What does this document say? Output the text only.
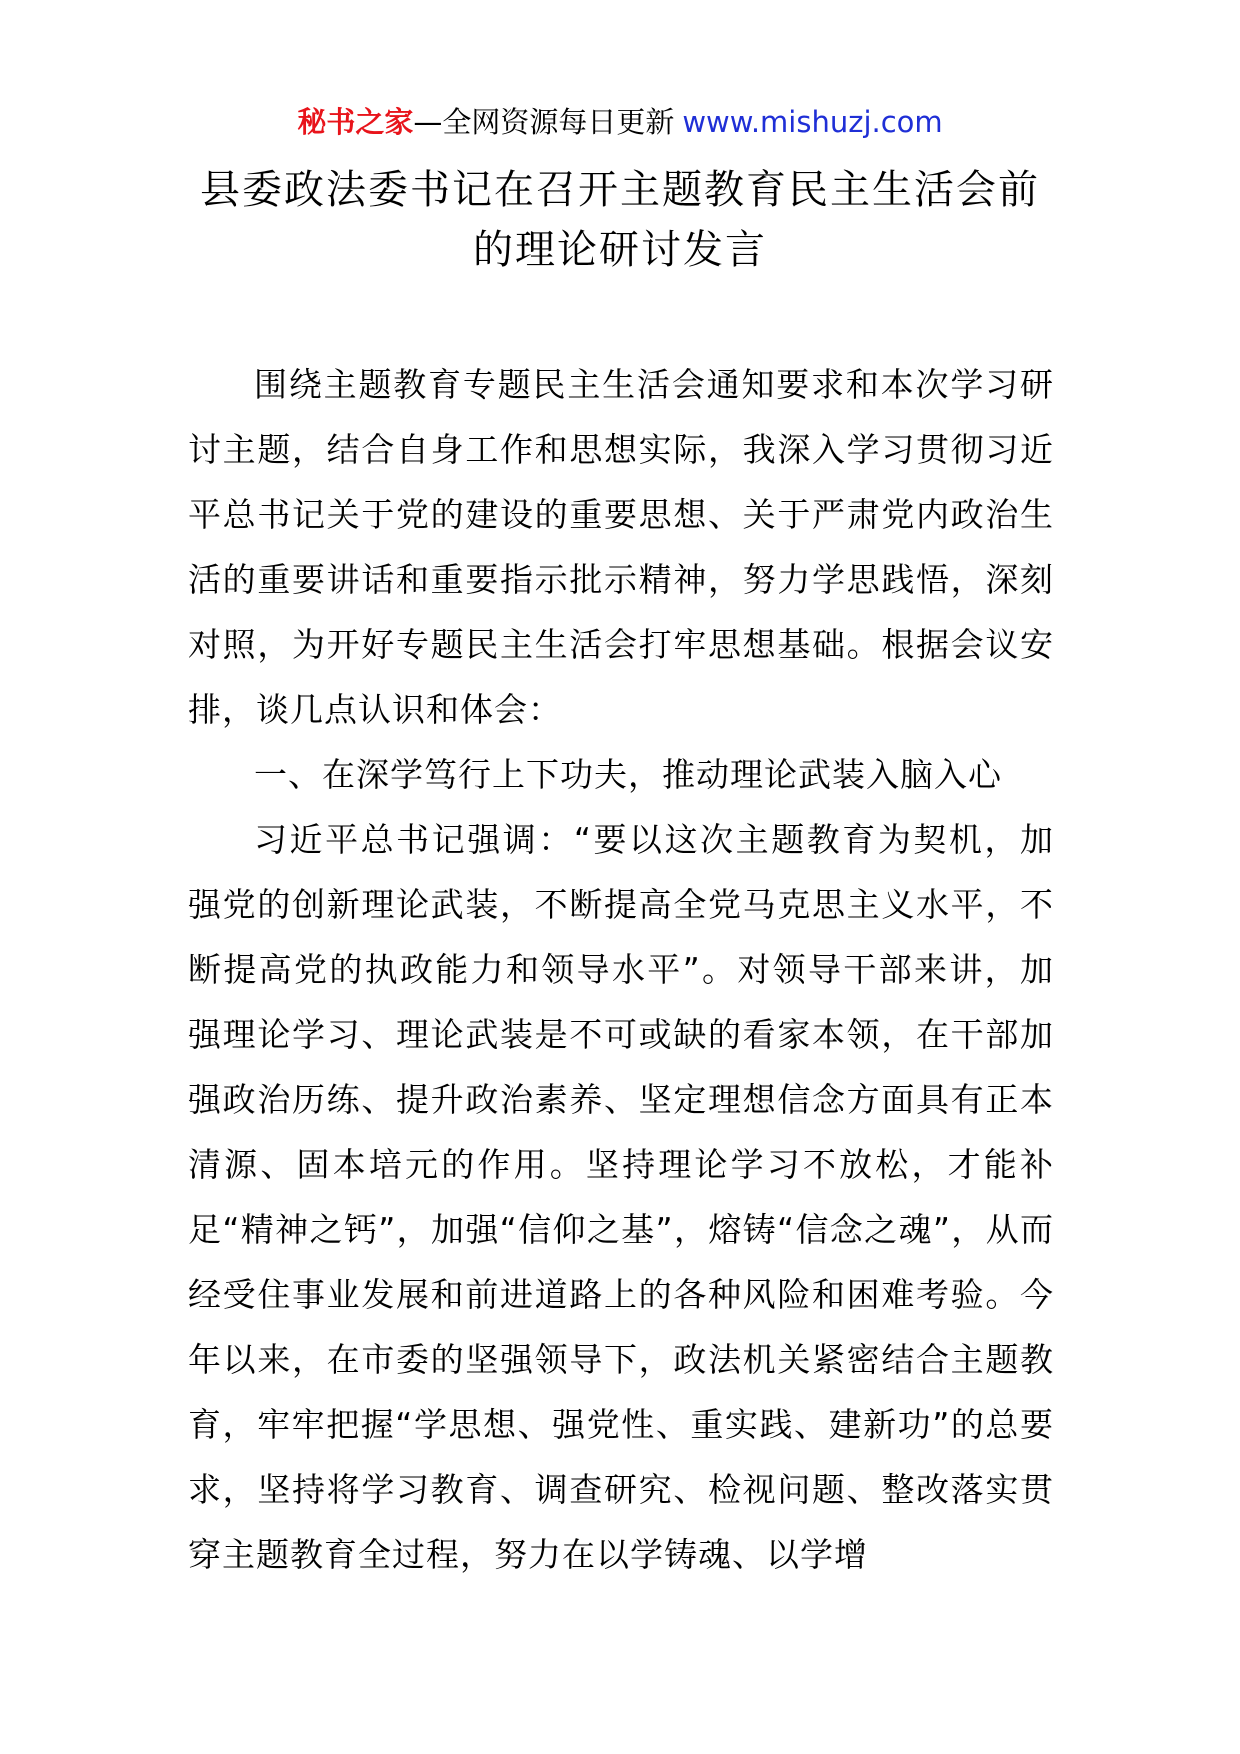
秘书之家—全网资源每日更新 www.mishuzj.com
县委政法委书记在召开主题教育民主生活会前
的理论研讨发言

围绕主题教育专题民主生活会通知要求和本次学习研讨主题，结合自身工作和思想实际，我深入学习贯彻习近平总书记关于党的建设的重要思想、关于严肃党内政治生活的重要讲话和重要指示批示精神，努力学思践悟，深刻对照，为开好专题民主生活会打牢思想基础。根据会议安排，谈几点认识和体会：

一、在深学笃行上下功夫，推动理论武装入脑入心

习近平总书记强调：“要以这次主题教育为契机，加强党的创新理论武装，不断提高全党马克思主义水平，不断提高党的执政能力和领导水平”。对领导干部来讲，加强理论学习、理论武装是不可或缺的看家本领，在干部加强政治历练、提升政治素养、坚定理想信念方面具有正本清源、固本培元的作用。坚持理论学习不放松，才能补足“精神之钙”，加强“信仰之基”，熔铸“信念之魂”，从而经受住事业发展和前进道路上的各种风险和困难考验。今年以来，在市委的坚强领导下，政法机关紧密结合主题教育，牢牢把握“学思想、强党性、重实践、建新功”的总要求，坚持将学习教育、调查研究、检视问题、整改落实贯穿主题教育全过程，努力在以学铸魂、以学增
